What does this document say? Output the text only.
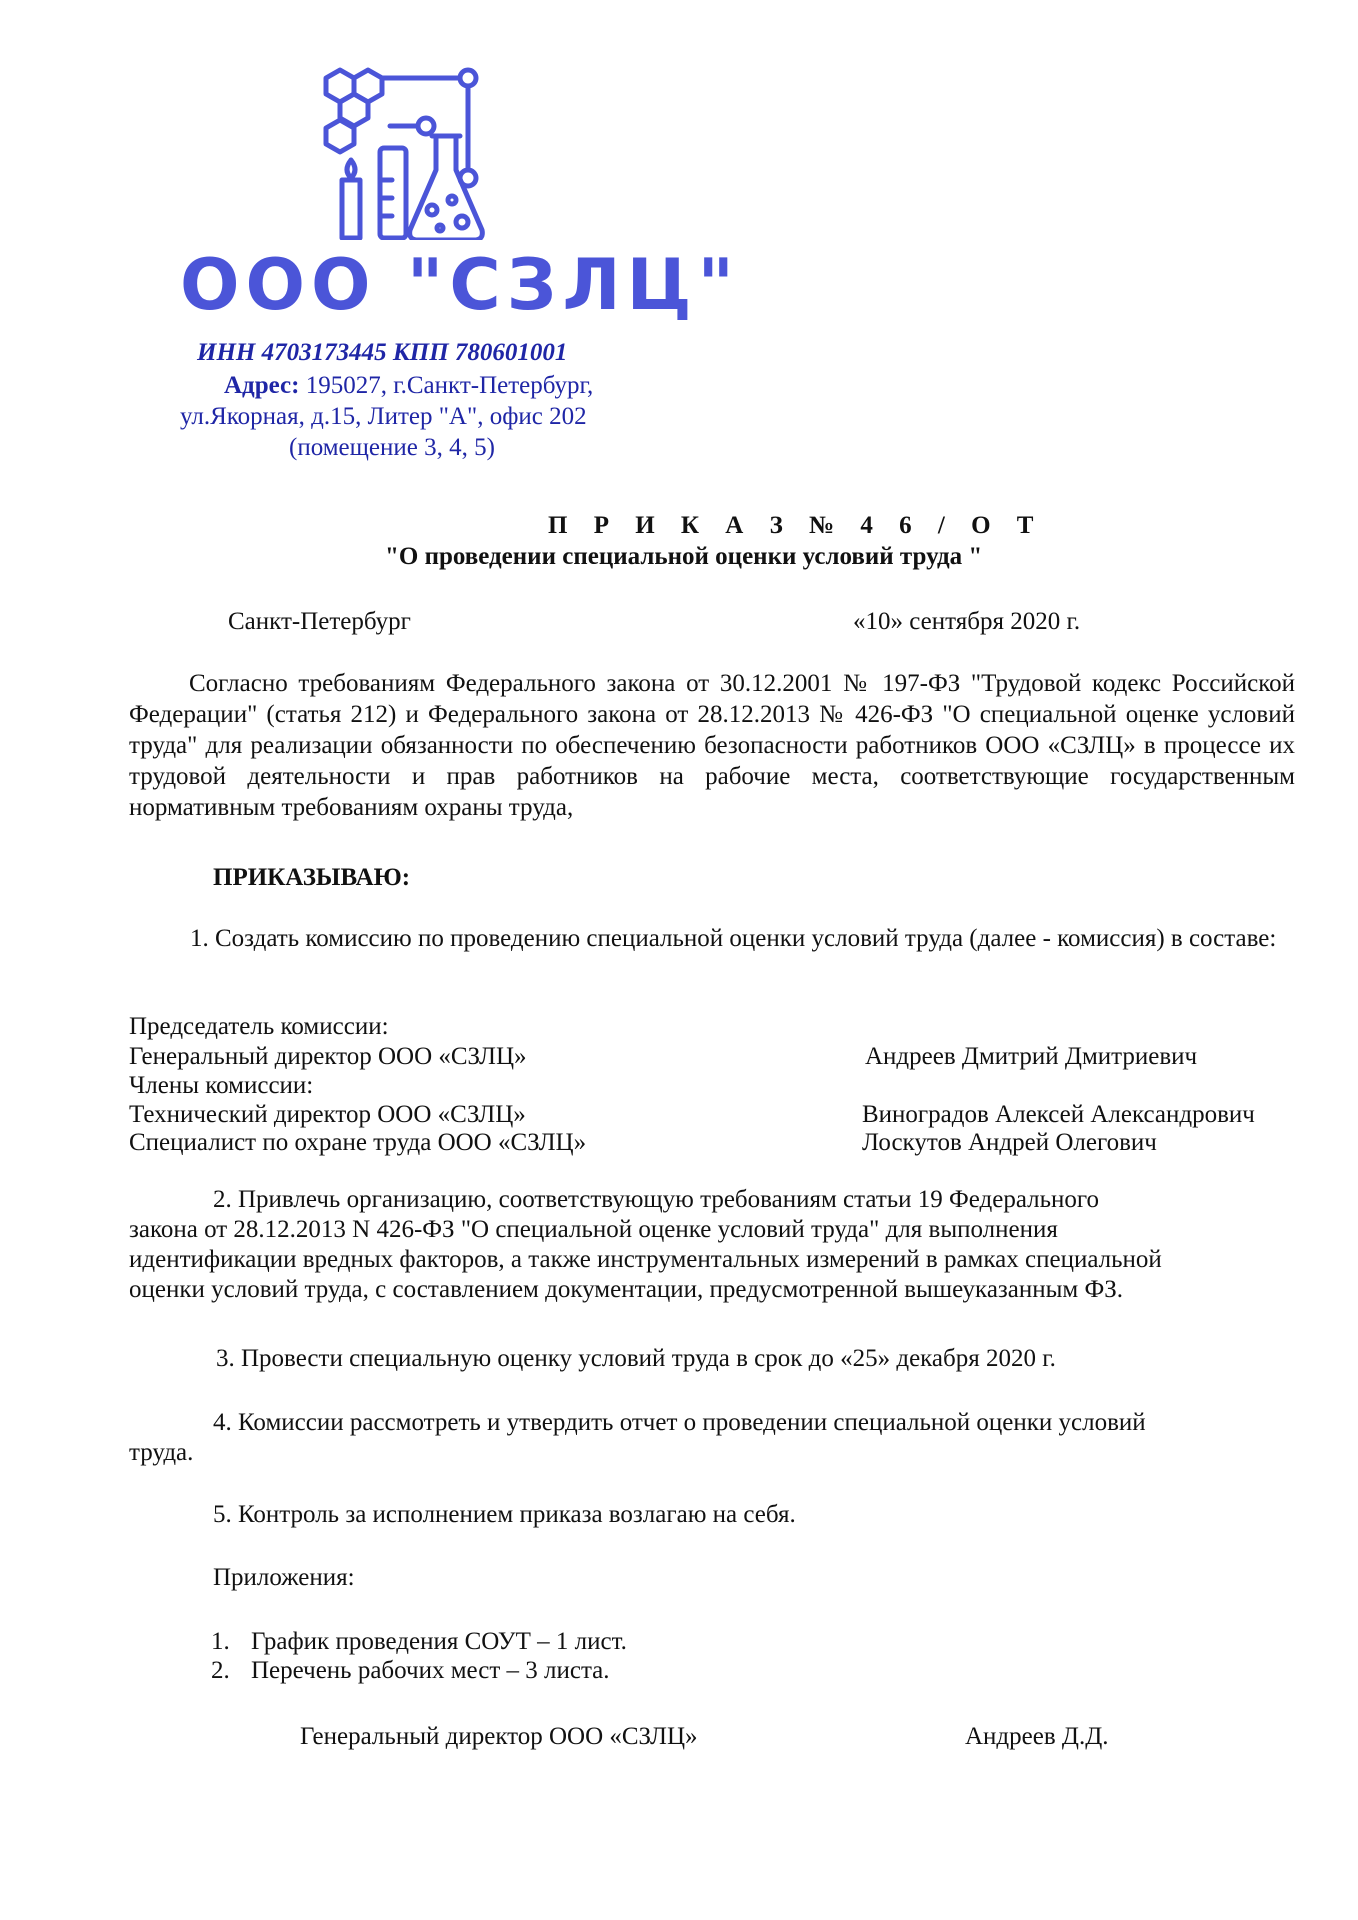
ООО "СЗЛЦ"
ИНН 4703173445 КПП 780601001
Адрес: 195027, г.Санкт-Петербург,
ул.Якорная, д.15, Литер "А", офис 202
(помещение 3, 4, 5)
П Р И К А З № 4 6 / О Т
"О проведении специальной оценки условий труда "
Санкт-Петербург	«10» сентября 2020 г.
Согласно требованиям Федерального закона от 30.12.2001 № 197-ФЗ "Трудовой кодекс Российской Федерации" (статья 212) и Федерального закона от 28.12.2013 № 426-ФЗ "О специальной оценке условий труда" для реализации обязанности по обеспечению безопасности работников ООО «СЗЛЦ» в процессе их трудовой деятельности и прав работников на рабочие места, соответствующие государственным нормативным требованиям охраны труда,
ПРИКАЗЫВАЮ:
1. Создать комиссию по проведению специальной оценки условий труда (далее - комиссия) в составе:
Председатель комиссии:
Генеральный директор ООО «СЗЛЦ»	Андреев Дмитрий Дмитриевич
Члены комиссии:
Технический директор ООО «СЗЛЦ»	Виноградов Алексей Александрович
Специалист по охране труда ООО «СЗЛЦ»	Лоскутов Андрей Олегович
2. Привлечь организацию, соответствующую требованиям статьи 19 Федерального
закона от 28.12.2013 N 426-ФЗ "О специальной оценке условий труда" для выполнения
идентификации вредных факторов, а также инструментальных измерений в рамках специальной
оценки условий труда, с составлением документации, предусмотренной вышеуказанным ФЗ.
3. Провести специальную оценку условий труда в срок до «25» декабря 2020 г.
4. Комиссии рассмотреть и утвердить отчет о проведении специальной оценки условий
труда.
5. Контроль за исполнением приказа возлагаю на себя.
Приложения:
1. График проведения СОУТ – 1 лист.
2. Перечень рабочих мест – 3 листа.
Генеральный директор ООО «СЗЛЦ»	Андреев Д.Д.
